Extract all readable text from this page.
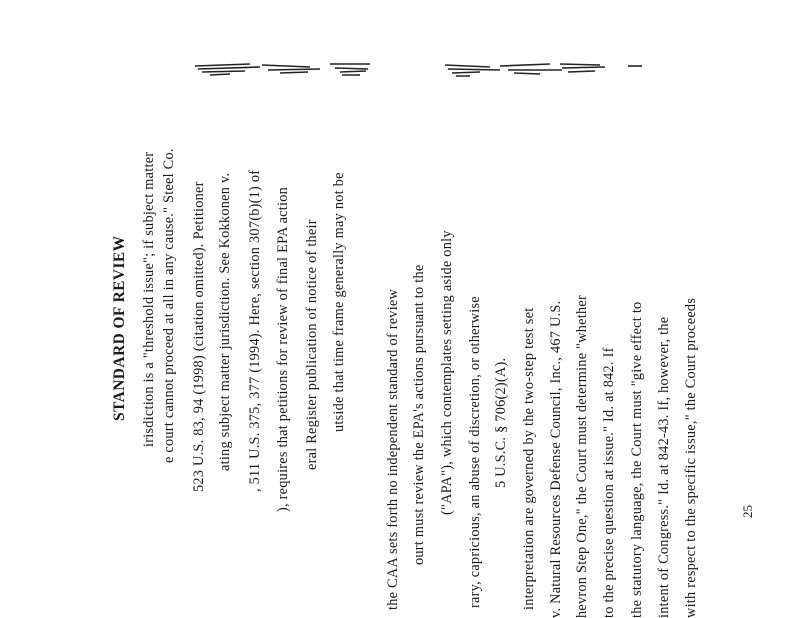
STANDARD OF REVIEW irisdiction is a "threshold issue"; if subject matter e court cannot proceed at all in any cause." Steel Co. 523 U.S. 83, 94 (1998) (citation omitted). Petitioner ating subject matter jurisdiction. See Kokkonen v. , 511 U.S. 375, 377 (1994). Here, section 307(b)(1) of ), requires that petitions for review of final EPA action eral Register publication of notice of their utside that time frame generally may not be	the CAA sets forth no independent standard of review ourt must review the EPA's actions pursuant to the ("APA"), which contemplates setting aside only rary, capricious, an abuse of discretion, or otherwise 5 U.S.C. § 706(2)(A). interpretation are governed by the two-step test set v. Natural Resources Defense Council, Inc., 467 U.S. hevron Step One," the Court must determine "whether to the precise question at issue." Id. at 842. If the statutory language, the Court must "give effect to intent of Congress." Id. at 842-43. If, however, the with respect to the specific issue," the Court proceeds	25
